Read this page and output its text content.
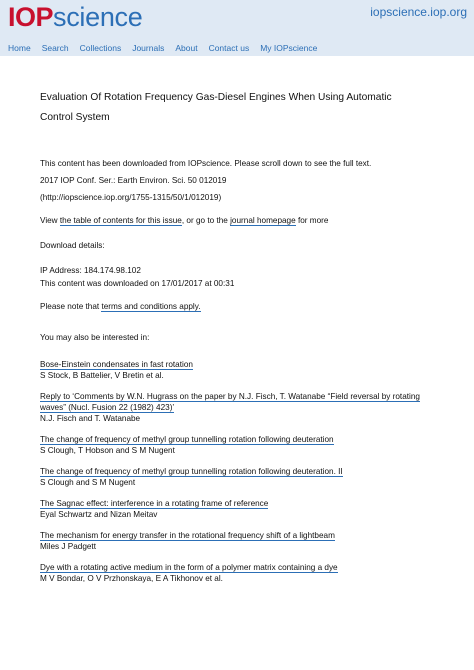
IOP science	iopscience.iop.org
Home Search Collections Journals About Contact us My IOPscience
Evaluation Of Rotation Frequency Gas-Diesel Engines When Using Automatic Control System

This content has been downloaded from IOPscience. Please scroll down to see the full text.

2017 IOP Conf. Ser.: Earth Environ. Sci. 50 012019

(http://iopscience.iop.org/1755-1315/50/1/012019)

View the table of contents for this issue, or go to the journal homepage for more

Download details:

IP Address: 184.174.98.102

This content was downloaded on 17/01/2017 at 00:31

Please note that terms and conditions apply.

You may also be interested in:

Bose-Einstein condensates in fast rotation
S Stock, B Battelier, V Bretin et al.
Reply to ‘Comments by W.N. Hugrass on the paper by N.J. Fisch, T. Watanabe “Field reversal by rotating waves” (Nucl. Fusion 22 (1982) 423)’
N.J. Fisch and T. Watanabe
The change of frequency of methyl group tunnelling rotation following deuteration
S Clough, T Hobson and S M Nugent
The change of frequency of methyl group tunnelling rotation following deuteration. II
S Clough and S M Nugent
The Sagnac effect: interference in a rotating frame of reference
Eyal Schwartz and Nizan Meitav
The mechanism for energy transfer in the rotational frequency shift of a lightbeam
Miles J Padgett
Dye with a rotating active medium in the form of a polymer matrix containing a dye
M V Bondar, O V Przhonskaya, E A Tikhonov et al.
